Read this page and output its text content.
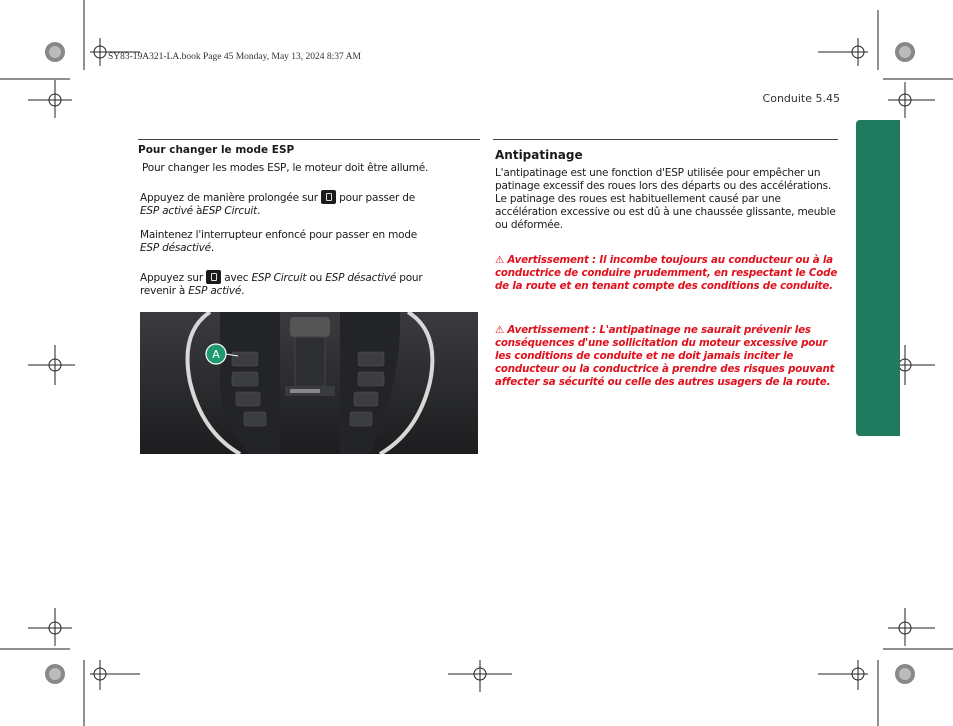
SY83-19A321-LA.book Page 45 Monday, May 13, 2024 8:37 AM
Conduite 5.45
Pour changer le mode ESP
Pour changer les modes ESP, le moteur doit être allumé.
Appuyez de manière prolongée sur pour passer de
ESP activé àESP Circuit.
Maintenez l'interrupteur enfoncé pour passer en mode
ESP désactivé.
Appuyez sur avec ESP Circuit ou ESP désactivé pour
revenir à ESP activé.
A
Antipatinage
L'antipatinage est une fonction d'ESP utilisée pour empêcher un patinage excessif des roues lors des départs ou des accélérations. Le patinage des roues est habituellement causé par une accélération excessive ou est dû à une chaussée glissante, meuble ou déformée.
⚠ Avertissement : Il incombe toujours au conducteur ou à la conductrice de conduire prudemment, en respectant le Code de la route et en tenant compte des conditions de conduite.
⚠ Avertissement : L'antipatinage ne saurait prévenir les conséquences d'une sollicitation du moteur excessive pour les conditions de conduite et ne doit jamais inciter le conducteur ou la conductrice à prendre des risques pouvant affecter sa sécurité ou celle des autres usagers de la route.
